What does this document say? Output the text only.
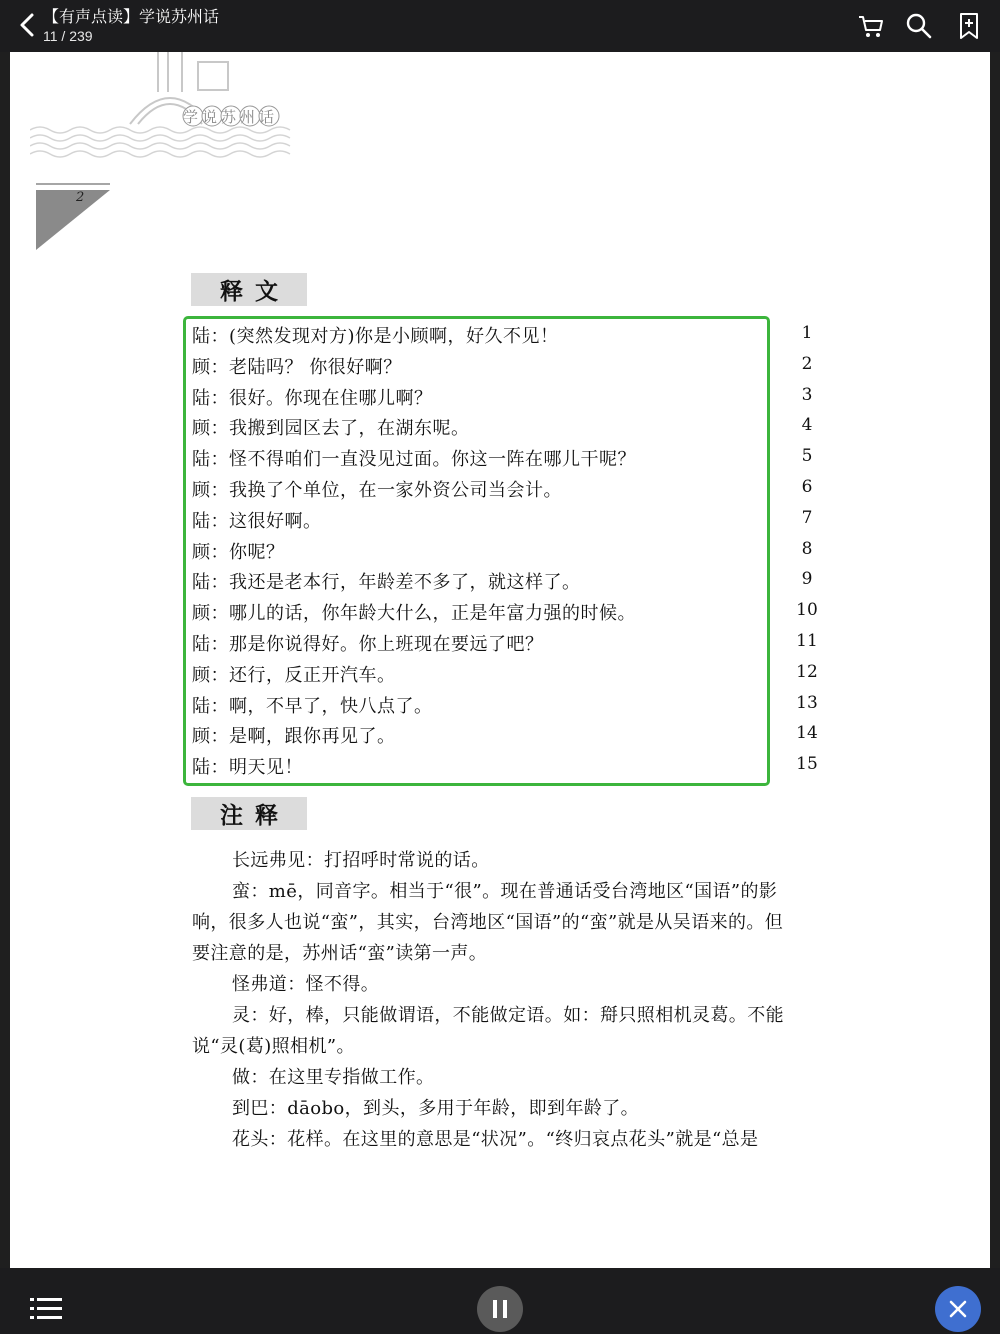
【有声点读】学说苏州话
11 / 239
学说苏州话
2
释文
陆：(突然发现对方)你是小顾啊，好久不见！	1
顾：老陆吗？ 你很好啊？	2
陆：很好。你现在住哪儿啊？	3
顾：我搬到园区去了，在湖东呢。	4
陆：怪不得咱们一直没见过面。你这一阵在哪儿干呢？	5
顾：我换了个单位，在一家外资公司当会计。	6
陆：这很好啊。	7
顾：你呢？	8
陆：我还是老本行，年龄差不多了，就这样了。	9
顾：哪儿的话，你年龄大什么，正是年富力强的时候。	10
陆：那是你说得好。你上班现在要远了吧？	11
顾：还行，反正开汽车。	12
陆：啊，不早了，快八点了。	13
顾：是啊，跟你再见了。	14
陆：明天见！	15
注释
长远弗见：打招呼时常说的话。
蛮：mē，同音字。相当于“很”。现在普通话受台湾地区“国语”的影
响，很多人也说“蛮”，其实，台湾地区“国语”的“蛮”就是从吴语来的。但
要注意的是，苏州话“蛮”读第一声。
怪弗道：怪不得。
灵：好，棒，只能做谓语，不能做定语。如：搿只照相机灵葛。不能
说“灵(葛)照相机”。
做：在这里专指做工作。
到巴：dāobo，到头，多用于年龄，即到年龄了。
花头：花样。在这里的意思是“状况”。“终归哀点花头”就是“总是
